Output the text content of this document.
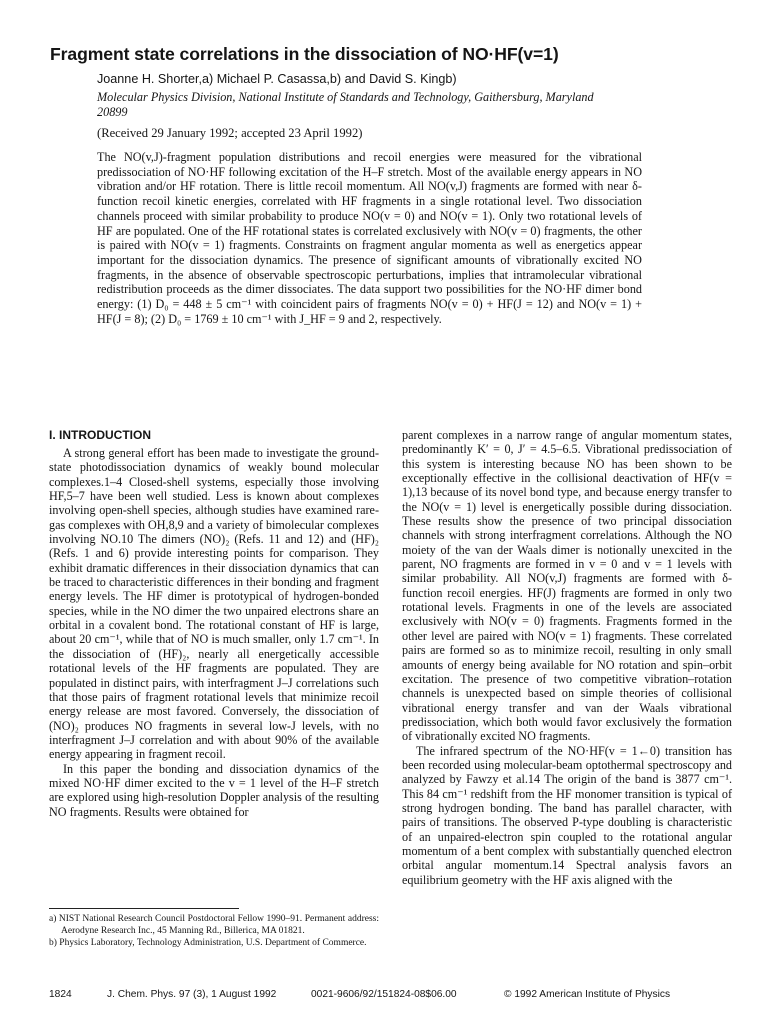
Fragment state correlations in the dissociation of NO·HF(v=1)
Joanne H. Shorter,a) Michael P. Casassa,b) and David S. Kingb)
Molecular Physics Division, National Institute of Standards and Technology, Gaithersburg, Maryland 20899
(Received 29 January 1992; accepted 23 April 1992)
The NO(v,J)-fragment population distributions and recoil energies were measured for the vibrational predissociation of NO·HF following excitation of the H–F stretch. Most of the available energy appears in NO vibration and/or HF rotation. There is little recoil momentum. All NO(v,J) fragments are formed with near δ-function recoil kinetic energies, correlated with HF fragments in a single rotational level. Two dissociation channels proceed with similar probability to produce NO(v = 0) and NO(v = 1). Only two rotational levels of HF are populated. One of the HF rotational states is correlated exclusively with NO(v = 0) fragments, the other is paired with NO(v = 1) fragments. Constraints on fragment angular momenta as well as energetics appear important for the dissociation dynamics. The presence of significant amounts of vibrationally excited NO fragments, in the absence of observable spectroscopic perturbations, implies that intramolecular vibrational redistribution proceeds as the dimer dissociates. The data support two possibilities for the NO·HF dimer bond energy: (1) D₀ = 448 ± 5 cm⁻¹ with coincident pairs of fragments NO(v = 0) + HF(J = 12) and NO(v = 1) + HF(J = 8); (2) D₀ = 1769 ± 10 cm⁻¹ with J_HF = 9 and 2, respectively.
I. INTRODUCTION

A strong general effort has been made to investigate the ground-state photodissociation dynamics of weakly bound molecular complexes.1–4 Closed-shell systems, especially those involving HF,5–7 have been well studied. Less is known about complexes involving open-shell species, although studies have examined rare-gas complexes with OH,8,9 and a variety of bimolecular complexes involving NO.10 The dimers (NO)₂ (Refs. 11 and 12) and (HF)₂ (Refs. 1 and 6) provide interesting points for comparison. They exhibit dramatic differences in their dissociation dynamics that can be traced to characteristic differences in their bonding and fragment energy levels. The HF dimer is prototypical of hydrogen-bonded species, while in the NO dimer the two unpaired electrons share an orbital in a covalent bond. The rotational constant of HF is large, about 20 cm⁻¹, while that of NO is much smaller, only 1.7 cm⁻¹. In the dissociation of (HF)₂, nearly all energetically accessible rotational levels of the HF fragments are populated. They are populated in distinct pairs, with interfragment J–J correlations such that those pairs of fragment rotational levels that minimize recoil energy release are most favored. Conversely, the dissociation of (NO)₂ produces NO fragments in several low-J levels, with no interfragment J–J correlation and with about 90% of the available energy appearing in fragment recoil.

In this paper the bonding and dissociation dynamics of the mixed NO·HF dimer excited to the v = 1 level of the H–F stretch are explored using high-resolution Doppler analysis of the resulting NO fragments. Results were obtained for

parent complexes in a narrow range of angular momentum states, predominantly K′ = 0, J′ = 4.5–6.5. Vibrational predissociation of this system is interesting because NO has been shown to be exceptionally effective in the collisional deactivation of HF(v = 1),13 because of its novel bond type, and because energy transfer to the NO(v = 1) level is energetically possible during dissociation. These results show the presence of two principal dissociation channels with strong interfragment correlations. Although the NO moiety of the van der Waals dimer is notionally unexcited in the parent, NO fragments are formed in v = 0 and v = 1 levels with similar probability. All NO(v,J) fragments are formed with δ-function recoil energies. HF(J) fragments are formed in only two rotational levels. Fragments in one of the levels are associated exclusively with NO(v = 0) fragments. Fragments formed in the other level are paired with NO(v = 1) fragments. These correlated pairs are formed so as to minimize recoil, resulting in only small amounts of energy being available for NO rotation and spin–orbit excitation. The presence of two competitive vibration–rotation channels is unexpected based on simple theories of collisional vibrational energy transfer and van der Waals vibrational predissociation, which both would favor exclusively the formation of vibrationally excited NO fragments.

The infrared spectrum of the NO·HF(v = 1←0) transition has been recorded using molecular-beam optothermal spectroscopy and analyzed by Fawzy et al.14 The origin of the band is 3877 cm⁻¹. This 84 cm⁻¹ redshift from the HF monomer transition is typical of strong hydrogen bonding. The band has parallel character, with pairs of transitions. The observed P-type doubling is characteristic of an unpaired-electron spin coupled to the rotational angular momentum of a bent complex with substantially quenched electron orbital angular momentum.14 Spectral analysis favors an equilibrium geometry with the HF axis aligned with the

a) NIST National Research Council Postdoctoral Fellow 1990–91. Permanent address: Aerodyne Research Inc., 45 Manning Rd., Billerica, MA 01821.

b) Physics Laboratory, Technology Administration, U.S. Department of Commerce.

1824	J. Chem. Phys. 97 (3), 1 August 1992	0021-9606/92/151824-08$06.00	© 1992 American Institute of Physics
